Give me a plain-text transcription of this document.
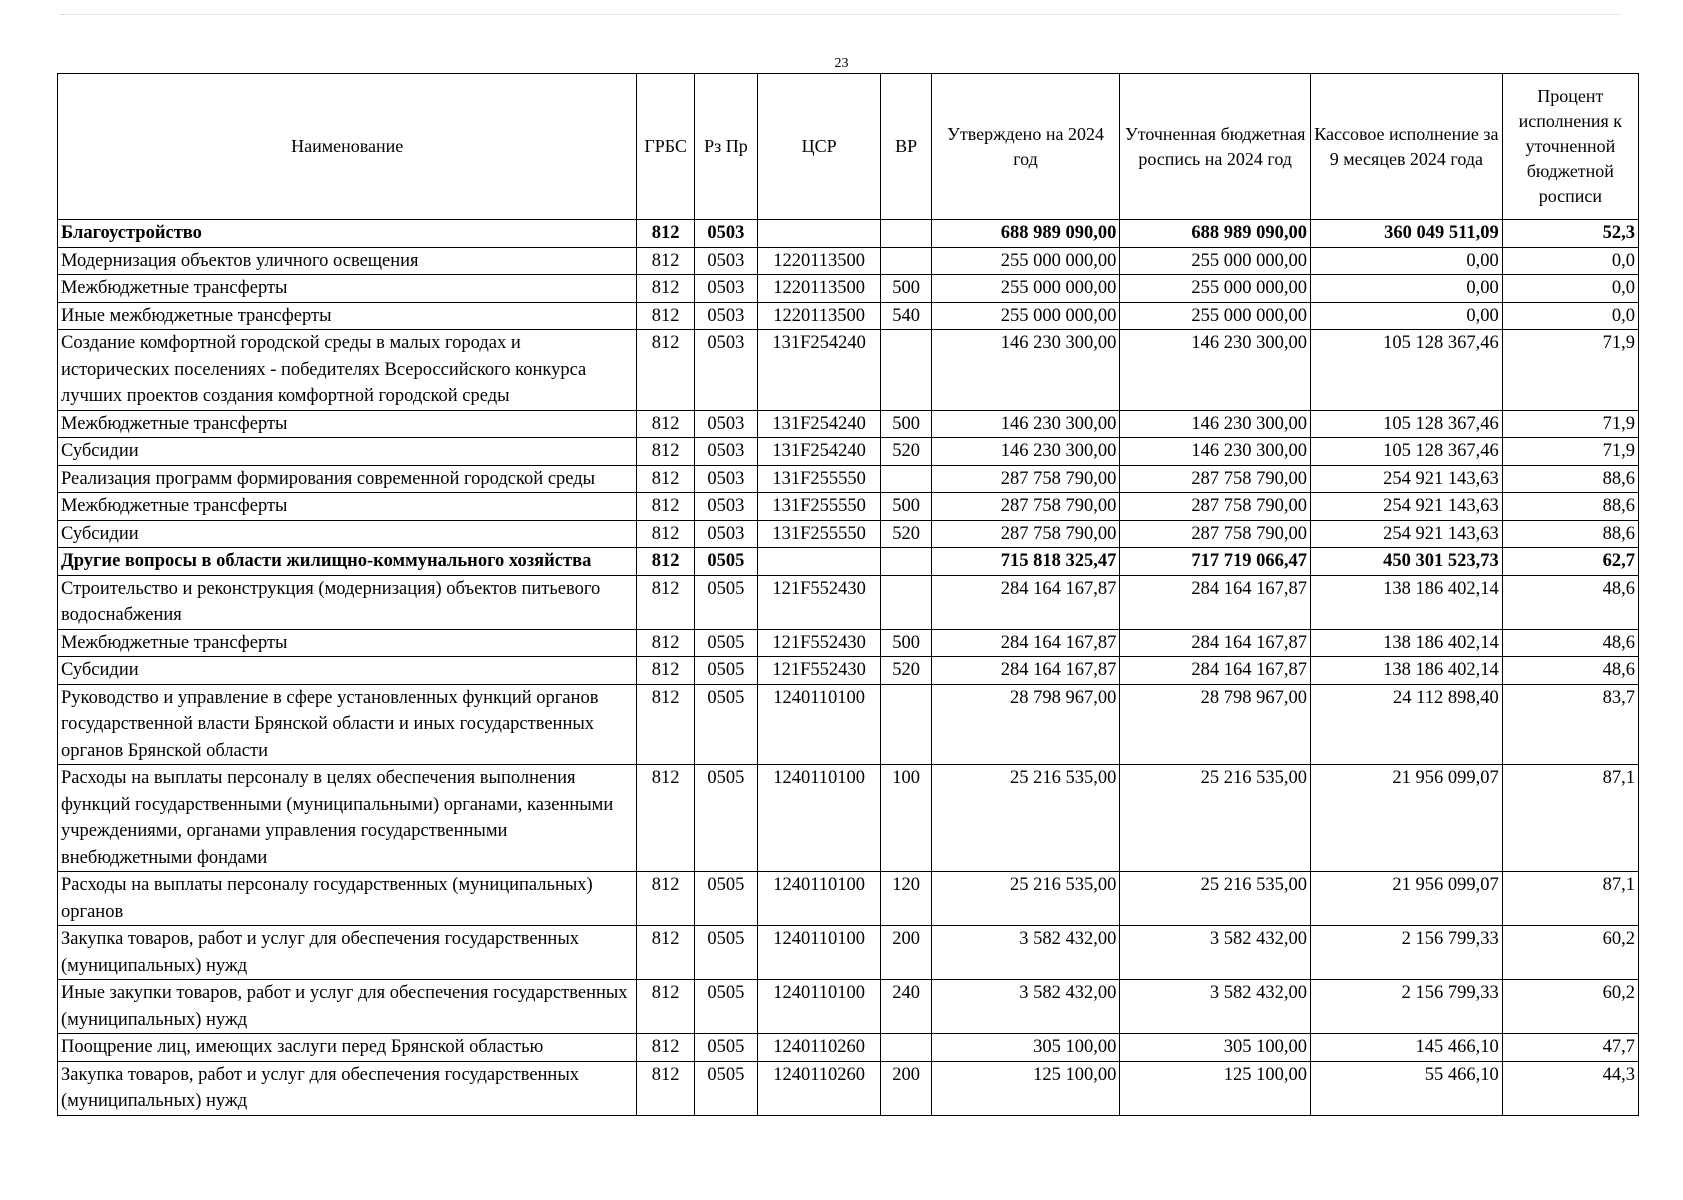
23
Наименование	ГРБС	Рз Пр	ЦСР	ВР	Утверждено на 2024 год	Уточненная бюджетная роспись на 2024 год	Кассовое исполнение за 9 месяцев 2024 года	Процент исполнения к уточненной бюджетной росписи
Благоустройство	812	0503			688 989 090,00	688 989 090,00	360 049 511,09	52,3
Модернизация объектов уличного освещения	812	0503	1220113500		255 000 000,00	255 000 000,00	0,00	0,0
Межбюджетные трансферты	812	0503	1220113500	500	255 000 000,00	255 000 000,00	0,00	0,0
Иные межбюджетные трансферты	812	0503	1220113500	540	255 000 000,00	255 000 000,00	0,00	0,0
Создание комфортной городской среды в малых городах и исторических поселениях - победителях Всероссийского конкурса лучших проектов создания комфортной городской среды	812	0503	131F254240		146 230 300,00	146 230 300,00	105 128 367,46	71,9
Межбюджетные трансферты	812	0503	131F254240	500	146 230 300,00	146 230 300,00	105 128 367,46	71,9
Субсидии	812	0503	131F254240	520	146 230 300,00	146 230 300,00	105 128 367,46	71,9
Реализация программ формирования современной городской среды	812	0503	131F255550		287 758 790,00	287 758 790,00	254 921 143,63	88,6
Межбюджетные трансферты	812	0503	131F255550	500	287 758 790,00	287 758 790,00	254 921 143,63	88,6
Субсидии	812	0503	131F255550	520	287 758 790,00	287 758 790,00	254 921 143,63	88,6
Другие вопросы в области жилищно-коммунального хозяйства	812	0505			715 818 325,47	717 719 066,47	450 301 523,73	62,7
Строительство и реконструкция (модернизация) объектов питьевого водоснабжения	812	0505	121F552430		284 164 167,87	284 164 167,87	138 186 402,14	48,6
Межбюджетные трансферты	812	0505	121F552430	500	284 164 167,87	284 164 167,87	138 186 402,14	48,6
Субсидии	812	0505	121F552430	520	284 164 167,87	284 164 167,87	138 186 402,14	48,6
Руководство и управление в сфере установленных функций органов государственной власти Брянской области и иных государственных органов Брянской области	812	0505	1240110100		28 798 967,00	28 798 967,00	24 112 898,40	83,7
Расходы на выплаты персоналу в целях обеспечения выполнения функций государственными (муниципальными) органами, казенными учреждениями, органами управления государственными внебюджетными фондами	812	0505	1240110100	100	25 216 535,00	25 216 535,00	21 956 099,07	87,1
Расходы на выплаты персоналу государственных (муниципальных) органов	812	0505	1240110100	120	25 216 535,00	25 216 535,00	21 956 099,07	87,1
Закупка товаров, работ и услуг для обеспечения государственных (муниципальных) нужд	812	0505	1240110100	200	3 582 432,00	3 582 432,00	2 156 799,33	60,2
Иные закупки товаров, работ и услуг для обеспечения государственных (муниципальных) нужд	812	0505	1240110100	240	3 582 432,00	3 582 432,00	2 156 799,33	60,2
Поощрение лиц, имеющих заслуги перед Брянской областью	812	0505	1240110260		305 100,00	305 100,00	145 466,10	47,7
Закупка товаров, работ и услуг для обеспечения государственных (муниципальных) нужд	812	0505	1240110260	200	125 100,00	125 100,00	55 466,10	44,3
